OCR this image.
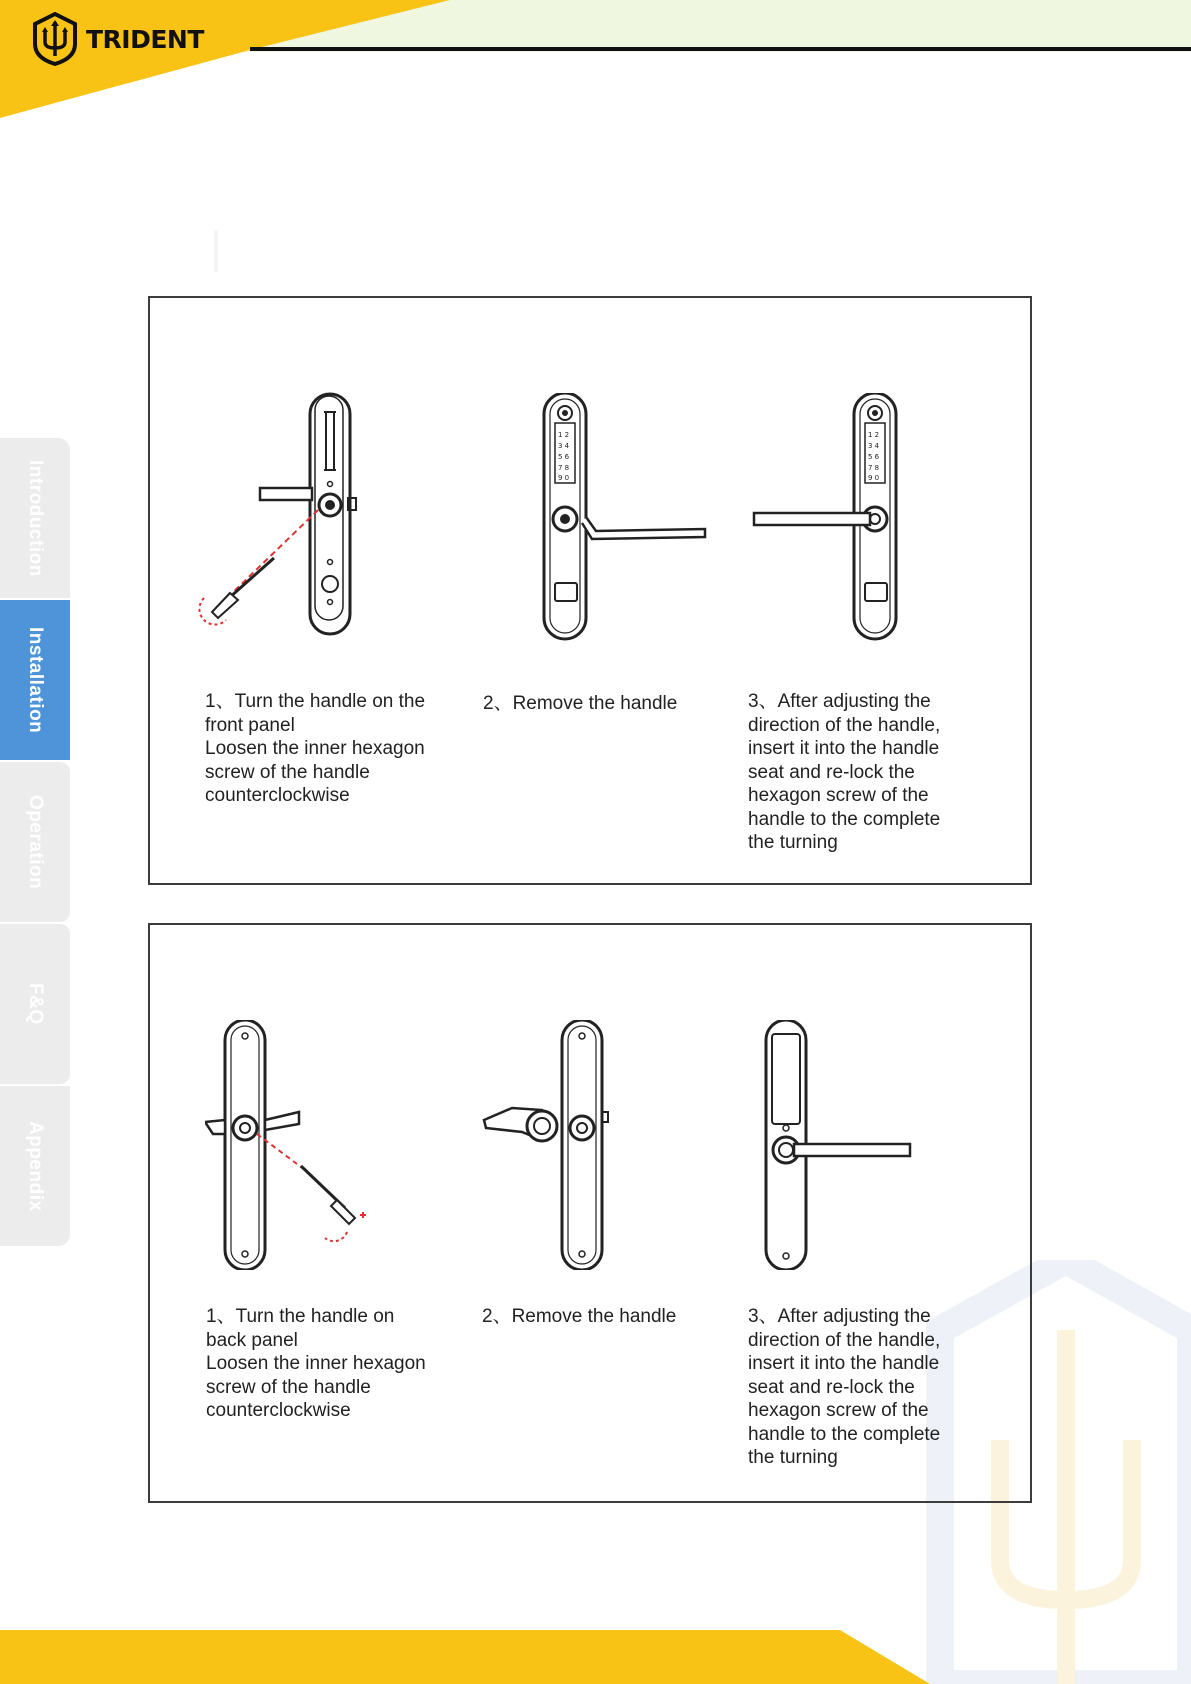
TRIDENT
Introduction
Installation
Operation
F&Q
Appendix
1 2
3 4
5 6
7 8
9 0
1 2
3 4
5 6
7 8
9 0

1、Turn the handle on the
front panel
Loosen the inner hexagon
screw of the handle
counterclockwise

2、Remove the handle	3、After adjusting the
direction of the handle,
insert it into the handle
seat and re-lock the
hexagon screw of the
handle to the complete
the turning

1、Turn the handle on
back panel
Loosen the inner hexagon
screw of the handle
counterclockwise

2、Remove the handle	3、After adjusting the
direction of the handle,
insert it into the handle
seat and re-lock the
hexagon screw of the
handle to the complete
the turning
